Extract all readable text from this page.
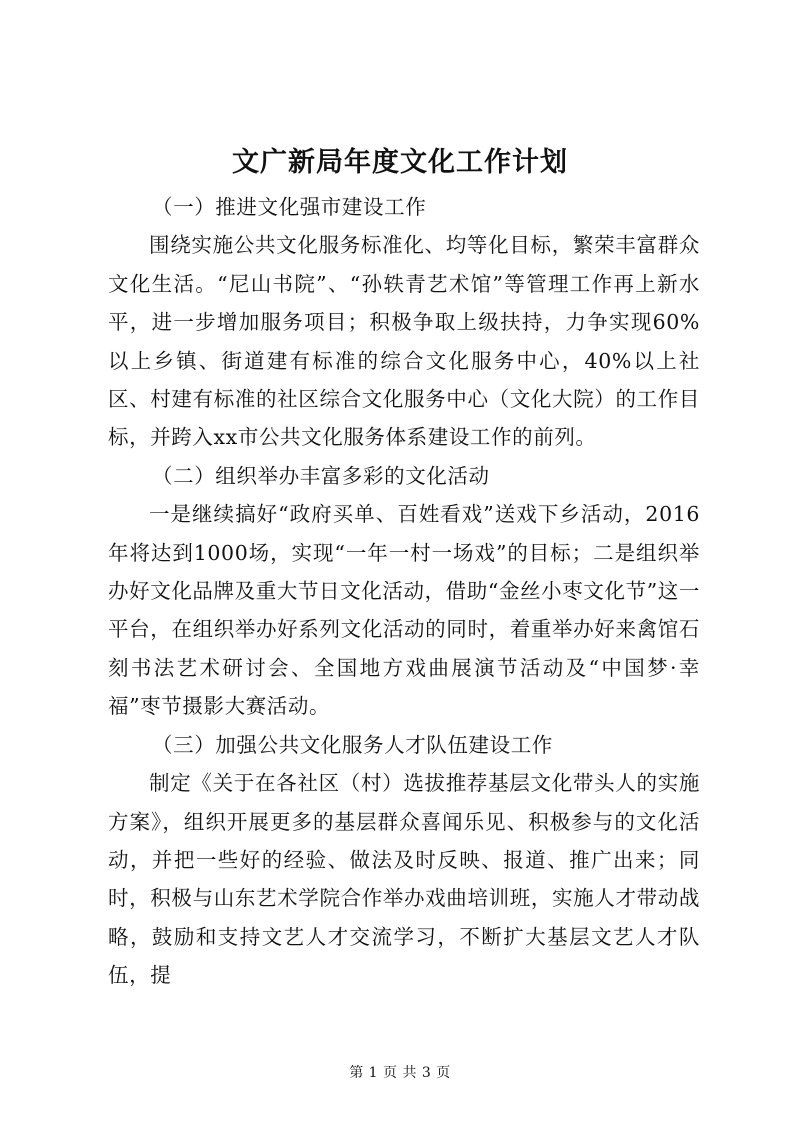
文广新局年度文化工作计划

（一）推进文化强市建设工作

围绕实施公共文化服务标准化、均等化目标，繁荣丰富群众文化生活。“尼山书院”、“孙轶青艺术馆”等管理工作再上新水平，进一步增加服务项目；积极争取上级扶持，力争实现60%以上乡镇、街道建有标准的综合文化服务中心，40%以上社区、村建有标准的社区综合文化服务中心（文化大院）的工作目标，并跨入xx市公共文化服务体系建设工作的前列。

（二）组织举办丰富多彩的文化活动

一是继续搞好“政府买单、百姓看戏”送戏下乡活动，2016年将达到1000场，实现“一年一村一场戏”的目标；二是组织举办好文化品牌及重大节日文化活动，借助“金丝小枣文化节”这一平台，在组织举办好系列文化活动的同时，着重举办好来禽馆石刻书法艺术研讨会、全国地方戏曲展演节活动及“中国梦·幸福”枣节摄影大赛活动。

（三）加强公共文化服务人才队伍建设工作

制定《关于在各社区（村）选拔推荐基层文化带头人的实施方案》，组织开展更多的基层群众喜闻乐见、积极参与的文化活动，并把一些好的经验、做法及时反映、报道、推广出来；同时，积极与山东艺术学院合作举办戏曲培训班，实施人才带动战略，鼓励和支持文艺人才交流学习，不断扩大基层文艺人才队伍，提

第 1 页 共 3 页
